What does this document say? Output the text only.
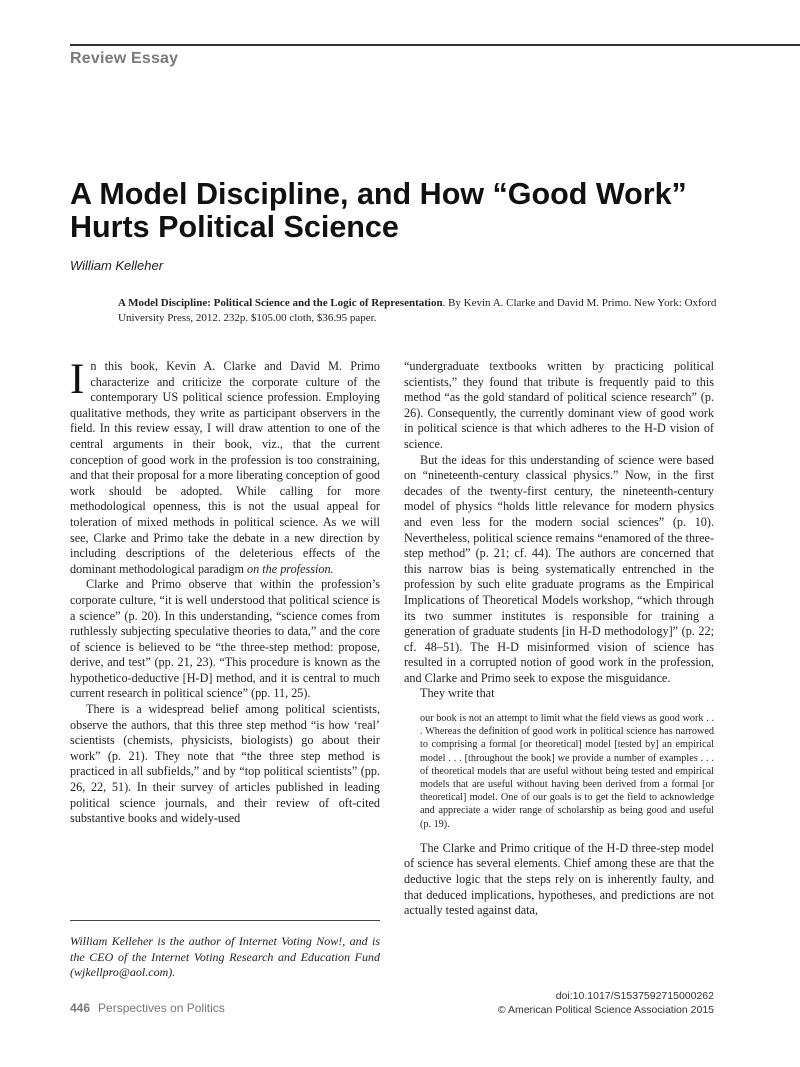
Review Essay
A Model Discipline, and How “Good Work” Hurts Political Science
William Kelleher
A Model Discipline: Political Science and the Logic of Representation. By Kevin A. Clarke and David M. Primo. New York: Oxford University Press, 2012. 232p. $105.00 cloth, $36.95 paper.

In this book, Kevin A. Clarke and David M. Primo characterize and criticize the corporate culture of the contemporary US political science profession. Employing qualitative methods, they write as participant observers in the field. In this review essay, I will draw attention to one of the central arguments in their book, viz., that the current conception of good work in the profession is too constraining, and that their proposal for a more liberating conception of good work should be adopted. While calling for more methodological openness, this is not the usual appeal for toleration of mixed methods in political science. As we will see, Clarke and Primo take the debate in a new direction by including descriptions of the deleterious effects of the dominant methodological paradigm on the profession.

Clarke and Primo observe that within the profession’s corporate culture, “it is well understood that political science is a science” (p. 20). In this understanding, “science comes from ruthlessly subjecting speculative theories to data,” and the core of science is believed to be “the three-step method: propose, derive, and test” (pp. 21, 23). “This procedure is known as the hypothetico-deductive [H-D] method, and it is central to much current research in political science” (pp. 11, 25).

There is a widespread belief among political scientists, observe the authors, that this three step method “is how ‘real’ scientists (chemists, physicists, biologists) go about their work” (p. 21). They note that “the three step method is practiced in all subfields,” and by “top political scientists” (pp. 26, 22, 51). In their survey of articles published in leading political science journals, and their review of oft-cited substantive books and widely-used

“undergraduate textbooks written by practicing political scientists,” they found that tribute is frequently paid to this method “as the gold standard of political science research” (p. 26). Consequently, the currently dominant view of good work in political science is that which adheres to the H-D vision of science.

But the ideas for this understanding of science were based on “nineteenth-century classical physics.” Now, in the first decades of the twenty-first century, the nineteenth-century model of physics “holds little relevance for modern physics and even less for the modern social sciences” (p. 10). Nevertheless, political science remains “enamored of the three-step method” (p. 21; cf. 44). The authors are concerned that this narrow bias is being systematically entrenched in the profession by such elite graduate programs as the Empirical Implications of Theoretical Models workshop, “which through its two summer institutes is responsible for training a generation of graduate students [in H-D methodology]” (p. 22; cf. 48–51). The H-D misinformed vision of science has resulted in a corrupted notion of good work in the profession, and Clarke and Primo seek to expose the misguidance.

They write that

our book is not an attempt to limit what the field views as good work . . . Whereas the definition of good work in political science has narrowed to comprising a formal [or theoretical] model [tested by] an empirical model . . . [throughout the book] we provide a number of examples . . . of theoretical models that are useful without being tested and empirical models that are useful without having been derived from a formal [or theoretical] model. One of our goals is to get the field to acknowledge and appreciate a wider range of scholarship as being good and useful (p. 19).

The Clarke and Primo critique of the H-D three-step model of science has several elements. Chief among these are that the deductive logic that the steps rely on is inherently faulty, and that deduced implications, hypotheses, and predictions are not actually tested against data,

William Kelleher is the author of Internet Voting Now!, and is the CEO of the Internet Voting Research and Education Fund (wjkellpro@aol.com).
446 Perspectives on Politics
doi:10.1017/S1537592715000262
© American Political Science Association 2015
